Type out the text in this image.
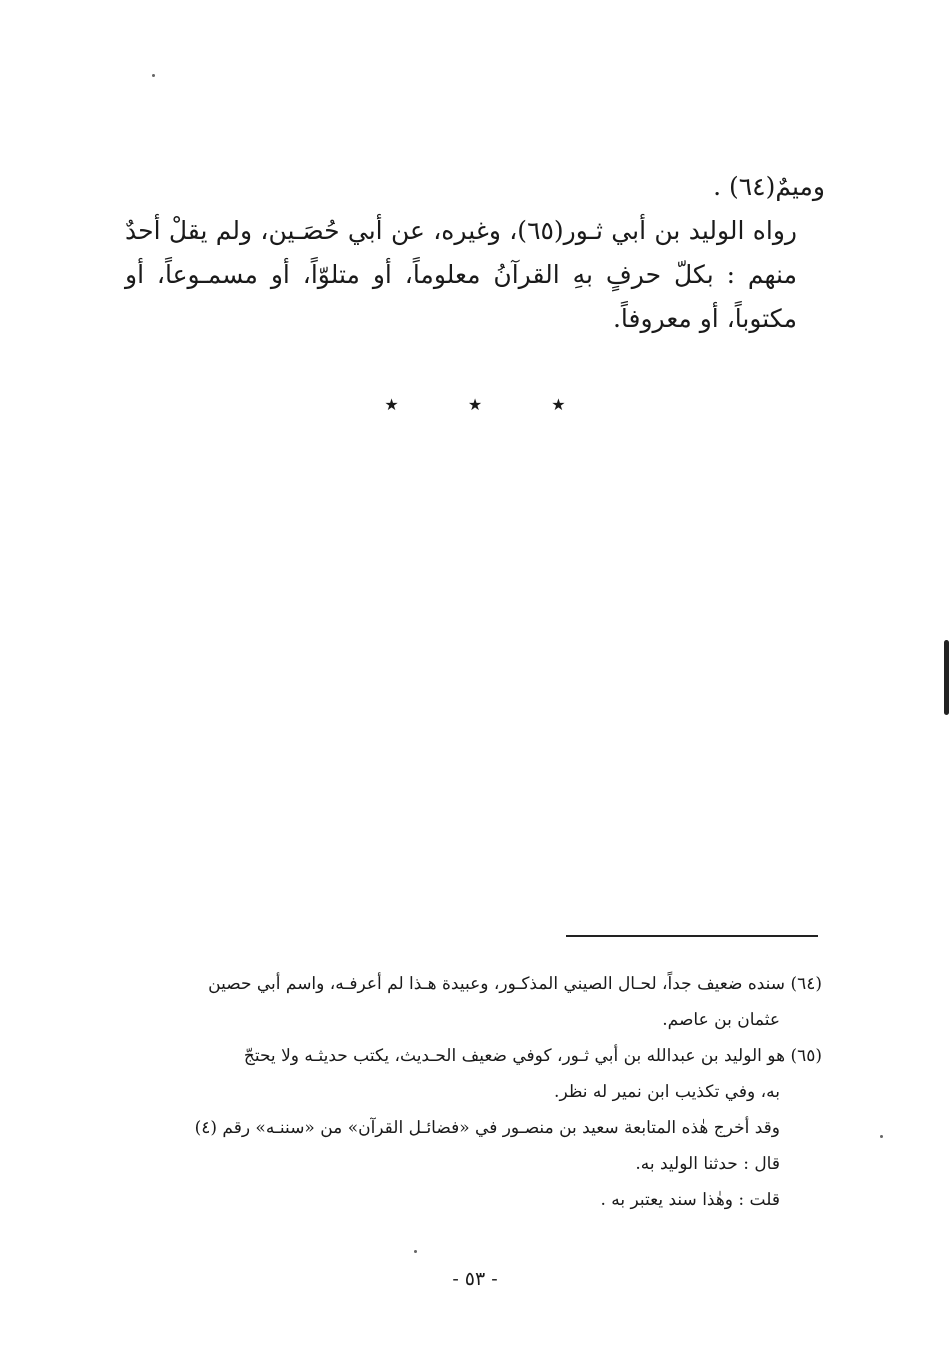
وميمٌ(٦٤) .

رواه الوليد بن أبي ثـور(٦٥)، وغيره، عن أبي حُصَـين، ولم يقلْ أحدٌ منهم : بكلّ حرفٍ بهِ القرآنُ معلوماً، أو متلوّاً، أو مسمـوعاً، أو مكتوباً، أو معروفاً.

★	★	★

(٦٤) سنده ضعيف جداً، لحـال الصيني المذكـور، وعبيدة هـذا لم أعرفـه، واسم أبي حصين

عثمان بن عاصم.

(٦٥) هو الوليد بن عبدالله بن أبي ثـور، كوفي ضعيف الحـديث، يكتب حديثـه ولا يحتجّ

به، وفي تكذيب ابن نمير له نظر.

وقد أخرج هٰذه المتابعة سعيد بن منصـور في «فضائـل القرآن» من «سننـه» رقم (٤)

قال : حدثنا الوليد به.

قلت : وهٰذا سند يعتبر به .

- ٥٣ -
